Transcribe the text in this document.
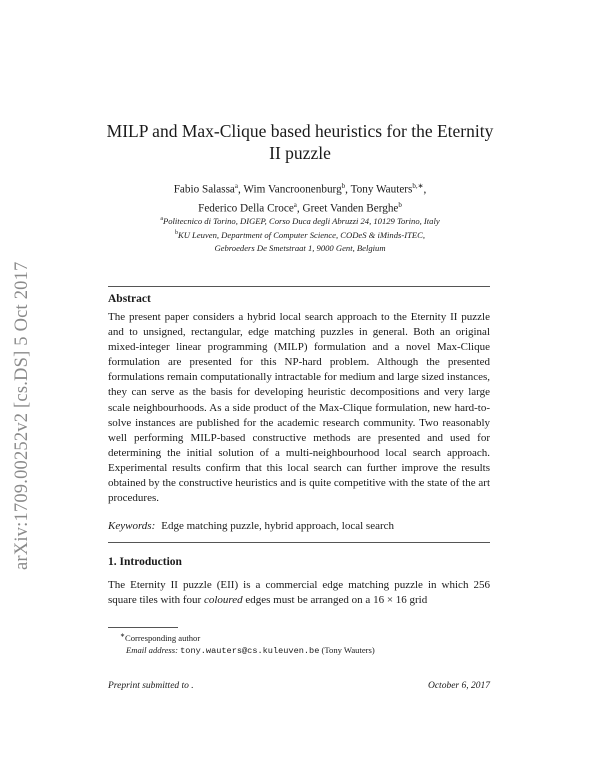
arXiv:1709.00252v2 [cs.DS] 5 Oct 2017
MILP and Max-Clique based heuristics for the Eternity
II puzzle
Fabio Salassa$^a$, Wim Vancroonenburg$^b$, Tony Wauters$^{b,∗}$,
Federico Della Croce$^a$, Greet Vanden Berghe$^b$
$^a$Politecnico di Torino, DIGEP, Corso Duca degli Abruzzi 24, 10129 Torino, Italy
$^b$KU Leuven, Department of Computer Science, CODeS & iMinds-ITEC,
Gebroeders De Smetstraat 1, 9000 Gent, Belgium
Abstract
The present paper considers a hybrid local search approach to the Eternity II puzzle and to unsigned, rectangular, edge matching puzzles in general. Both an original mixed-integer linear programming (MILP) formulation and a novel Max-Clique formulation are presented for this NP-hard problem. Although the presented formulations remain computationally intractable for medium and large sized instances, they can serve as the basis for developing heuristic decompositions and very large scale neighbourhoods. As a side product of the Max-Clique formulation, new hard-to-solve instances are published for the academic research community. Two reasonably well performing MILP-based constructive methods are presented and used for determining the initial solution of a multi-neighbourhood local search approach. Experimental results confirm that this local search can further improve the results obtained by the constructive heuristics and is quite competitive with the state of the art procedures.
Keywords: Edge matching puzzle, hybrid approach, local search
1. Introduction
The Eternity II puzzle (EII) is a commercial edge matching puzzle in which 256 square tiles with four coloured edges must be arranged on a 16 × 16 grid
∗Corresponding author
Email address: tony.wauters@cs.kuleuven.be (Tony Wauters)
Preprint submitted to .	October 6, 2017
